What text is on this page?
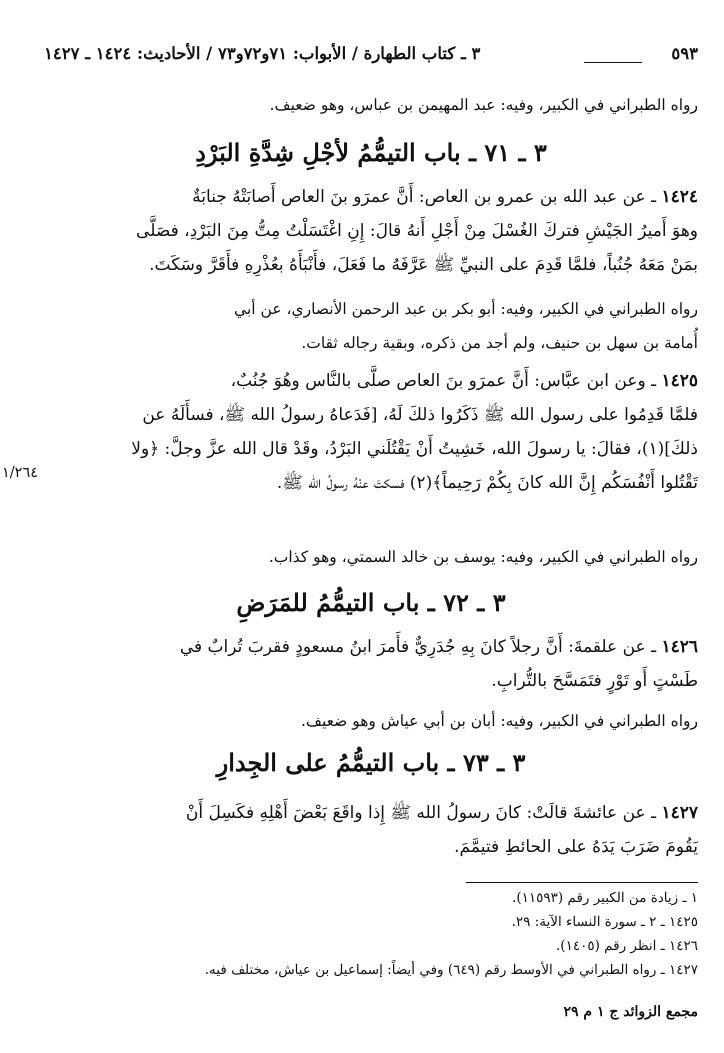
٥٩٣
٣ ـ كتاب الطهارة / الأبواب: ٧١و٧٢و٧٣ / الأحاديث: ١٤٢٤ ـ ١٤٢٧
رواه الطبراني في الكبير، وفيه: عبد المهيمن بن عباس، وهو ضعيف.
٣ ـ ٧١ ـ باب التيمُّمُ لأجْلِ شِدَّةِ البَرْدِ
١٤٢٤ ـ عن عبد الله بن عمرو بن العاص: أَنَّ عمرَو بنَ العاص أَصابَتْهُ جنابَةٌ
وهوَ أَميرُ الجَيْشِ فتركَ الغُسْلَ مِنْ أَجْلِ أَنهُ قالَ: إِنِ اغْتَسَلْتُ مِتُّ مِنَ البَرْدِ، فصَلَّى
بمَنْ مَعَهُ جُنُباً، فلمَّا قَدِمَ على النبيِّ ﷺ عَرَّفَهُ ما فَعَلَ، فأَنْبَأَهُ بعُذْرِهِ فأَقَرَّ وسَكَتَ.
رواه الطبراني في الكبير، وفيه: أبو بكر بن عبد الرحمن الأنصاري، عن أبي
أُمامة بن سهل بن حنيف، ولم أجد من ذكره، وبقية رجاله ثقات.
١٤٢٥ ـ وعن ابن عبَّاس: أَنَّ عمرَو بنَ العاص صلَّى بالنَّاس وهُوَ جُنُبٌ،
فلمَّا قَدِمُوا على رسول الله ﷺ ذَكَرُوا ذلكَ لَهُ، [فَدَعاهُ رسولُ الله ﷺ، فسأَلَهُ عن
ذلكَ](١)، فقالَ: يا رسولَ الله، خَشِيتُ أَنْ يَقْتُلَني البَرْدُ، وقَدْ قال الله عزَّ وجلَّ: ﴿ولا
تَقْتُلوا أَنْفُسَكُم إِنَّ الله كانَ بِكُمْ رَحِيماً﴾(٢) فسكتَ عنْهُ رسولُ الله ﷺ.
رواه الطبراني في الكبير، وفيه: يوسف بن خالد السمتي، وهو كذاب.
٣ ـ ٧٢ ـ باب التيمُّمُ للمَرَضِ
١٤٢٦ ـ عن علقمةَ: أَنَّ رجلاً كانَ بِهِ جُدَرِيٌّ فأَمرَ ابنُ مسعودٍ فقربَ تُرابٌ في
طَسْتٍ أَو تَوْرٍ فتَمَسَّحَ بالتُّرابِ.
رواه الطبراني في الكبير، وفيه: أبان بن أبي عياش وهو ضعيف.
٣ ـ ٧٣ ـ باب التيمُّمُ على الجِدارِ
١٤٢٧ ـ عن عائشةَ قالَتْ: كانَ رسولُ الله ﷺ إِذا واقَعَ بَعْضَ أَهْلِهِ فكَسِلَ أَنْ
يَقُومَ ضَرَبَ يَدَهُ على الحائطِ فتيمَّمَ.
١ ـ زيادة من الكبير رقم (١١٥٩٣).
١٤٢٥ ـ ٢ ـ سورة النساء الآية: ٢٩.
١٤٢٦ ـ انظر رقم (١٤٠٥).
١٤٢٧ ـ رواه الطبراني في الأوسط رقم (٦٤٩) وفي أيضاً: إسماعيل بن عياش، مختلف فيه.
مجمع الزوائد ج ١ م ٢٩
١/٢٦٤
